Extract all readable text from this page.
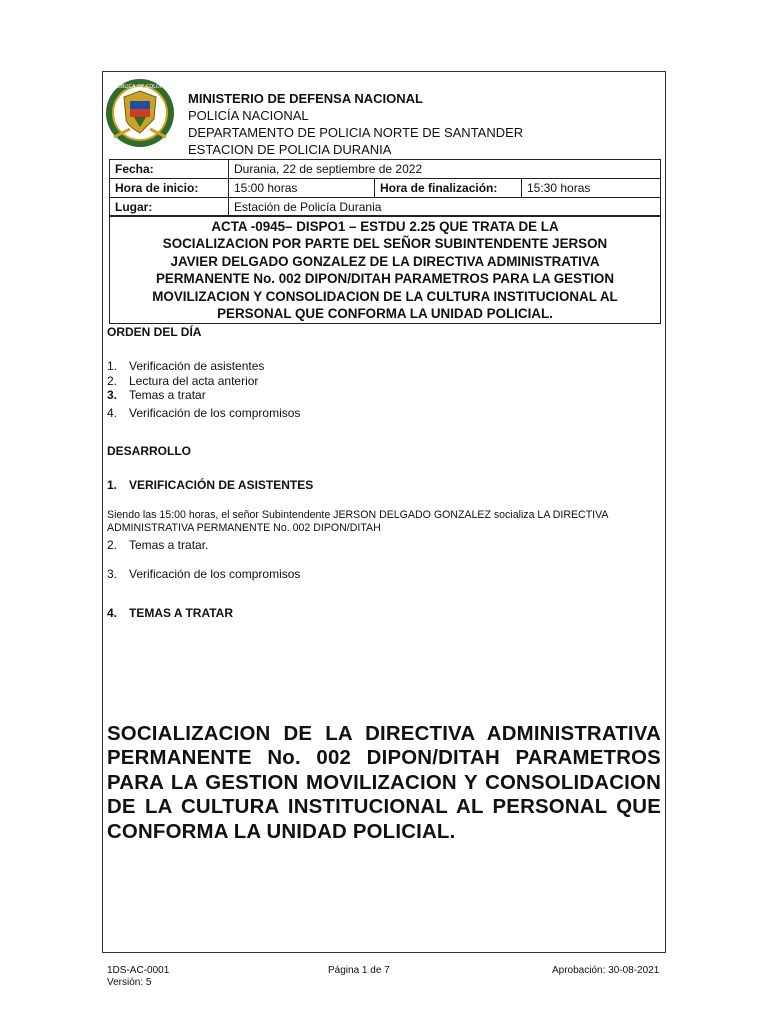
REPUBLICA DE COLOMBIA
MINISTERIO DE DEFENSA NACIONAL
POLICÍA NACIONAL
DEPARTAMENTO DE POLICIA NORTE DE SANTANDER
ESTACION DE POLICIA DURANIA
Fecha:	Durania, 22 de septiembre de 2022		
Hora de inicio:	15:00 horas	Hora de finalización:	15:30 horas
Lugar:	Estación de Policía Durania		
ACTA -0945– DISPO1 – ESTDU 2.25 QUE TRATA DE LA
SOCIALIZACION POR PARTE DEL SEÑOR SUBINTENDENTE JERSON
JAVIER DELGADO GONZALEZ DE LA DIRECTIVA ADMINISTRATIVA
PERMANENTE No. 002 DIPON/DITAH PARAMETROS PARA LA GESTION
MOVILIZACION Y CONSOLIDACION DE LA CULTURA INSTITUCIONAL AL
PERSONAL QUE CONFORMA LA UNIDAD POLICIAL.
ORDEN DEL DÍA
1. Verificación de asistentes
2. Lectura del acta anterior
3. Temas a tratar
4. Verificación de los compromisos
DESARROLLO
1. VERIFICACIÓN DE ASISTENTES
Siendo las 15:00 horas, el señor Subintendente JERSON DELGADO GONZALEZ socializa LA DIRECTIVA
ADMINISTRATIVA PERMANENTE No. 002 DIPON/DITAH
2. Temas a tratar.
3. Verificación de los compromisos
4. TEMAS A TRATAR
SOCIALIZACION DE LA DIRECTIVA ADMINISTRATIVA PERMANENTE No. 002 DIPON/DITAH PARAMETROS PARA LA GESTION MOVILIZACION Y CONSOLIDACION DE LA CULTURA INSTITUCIONAL AL PERSONAL QUE CONFORMA LA UNIDAD POLICIAL.
1DS-AC-0001
Versión: 5
Página 1 de 7	Aprobación: 30-08-2021
